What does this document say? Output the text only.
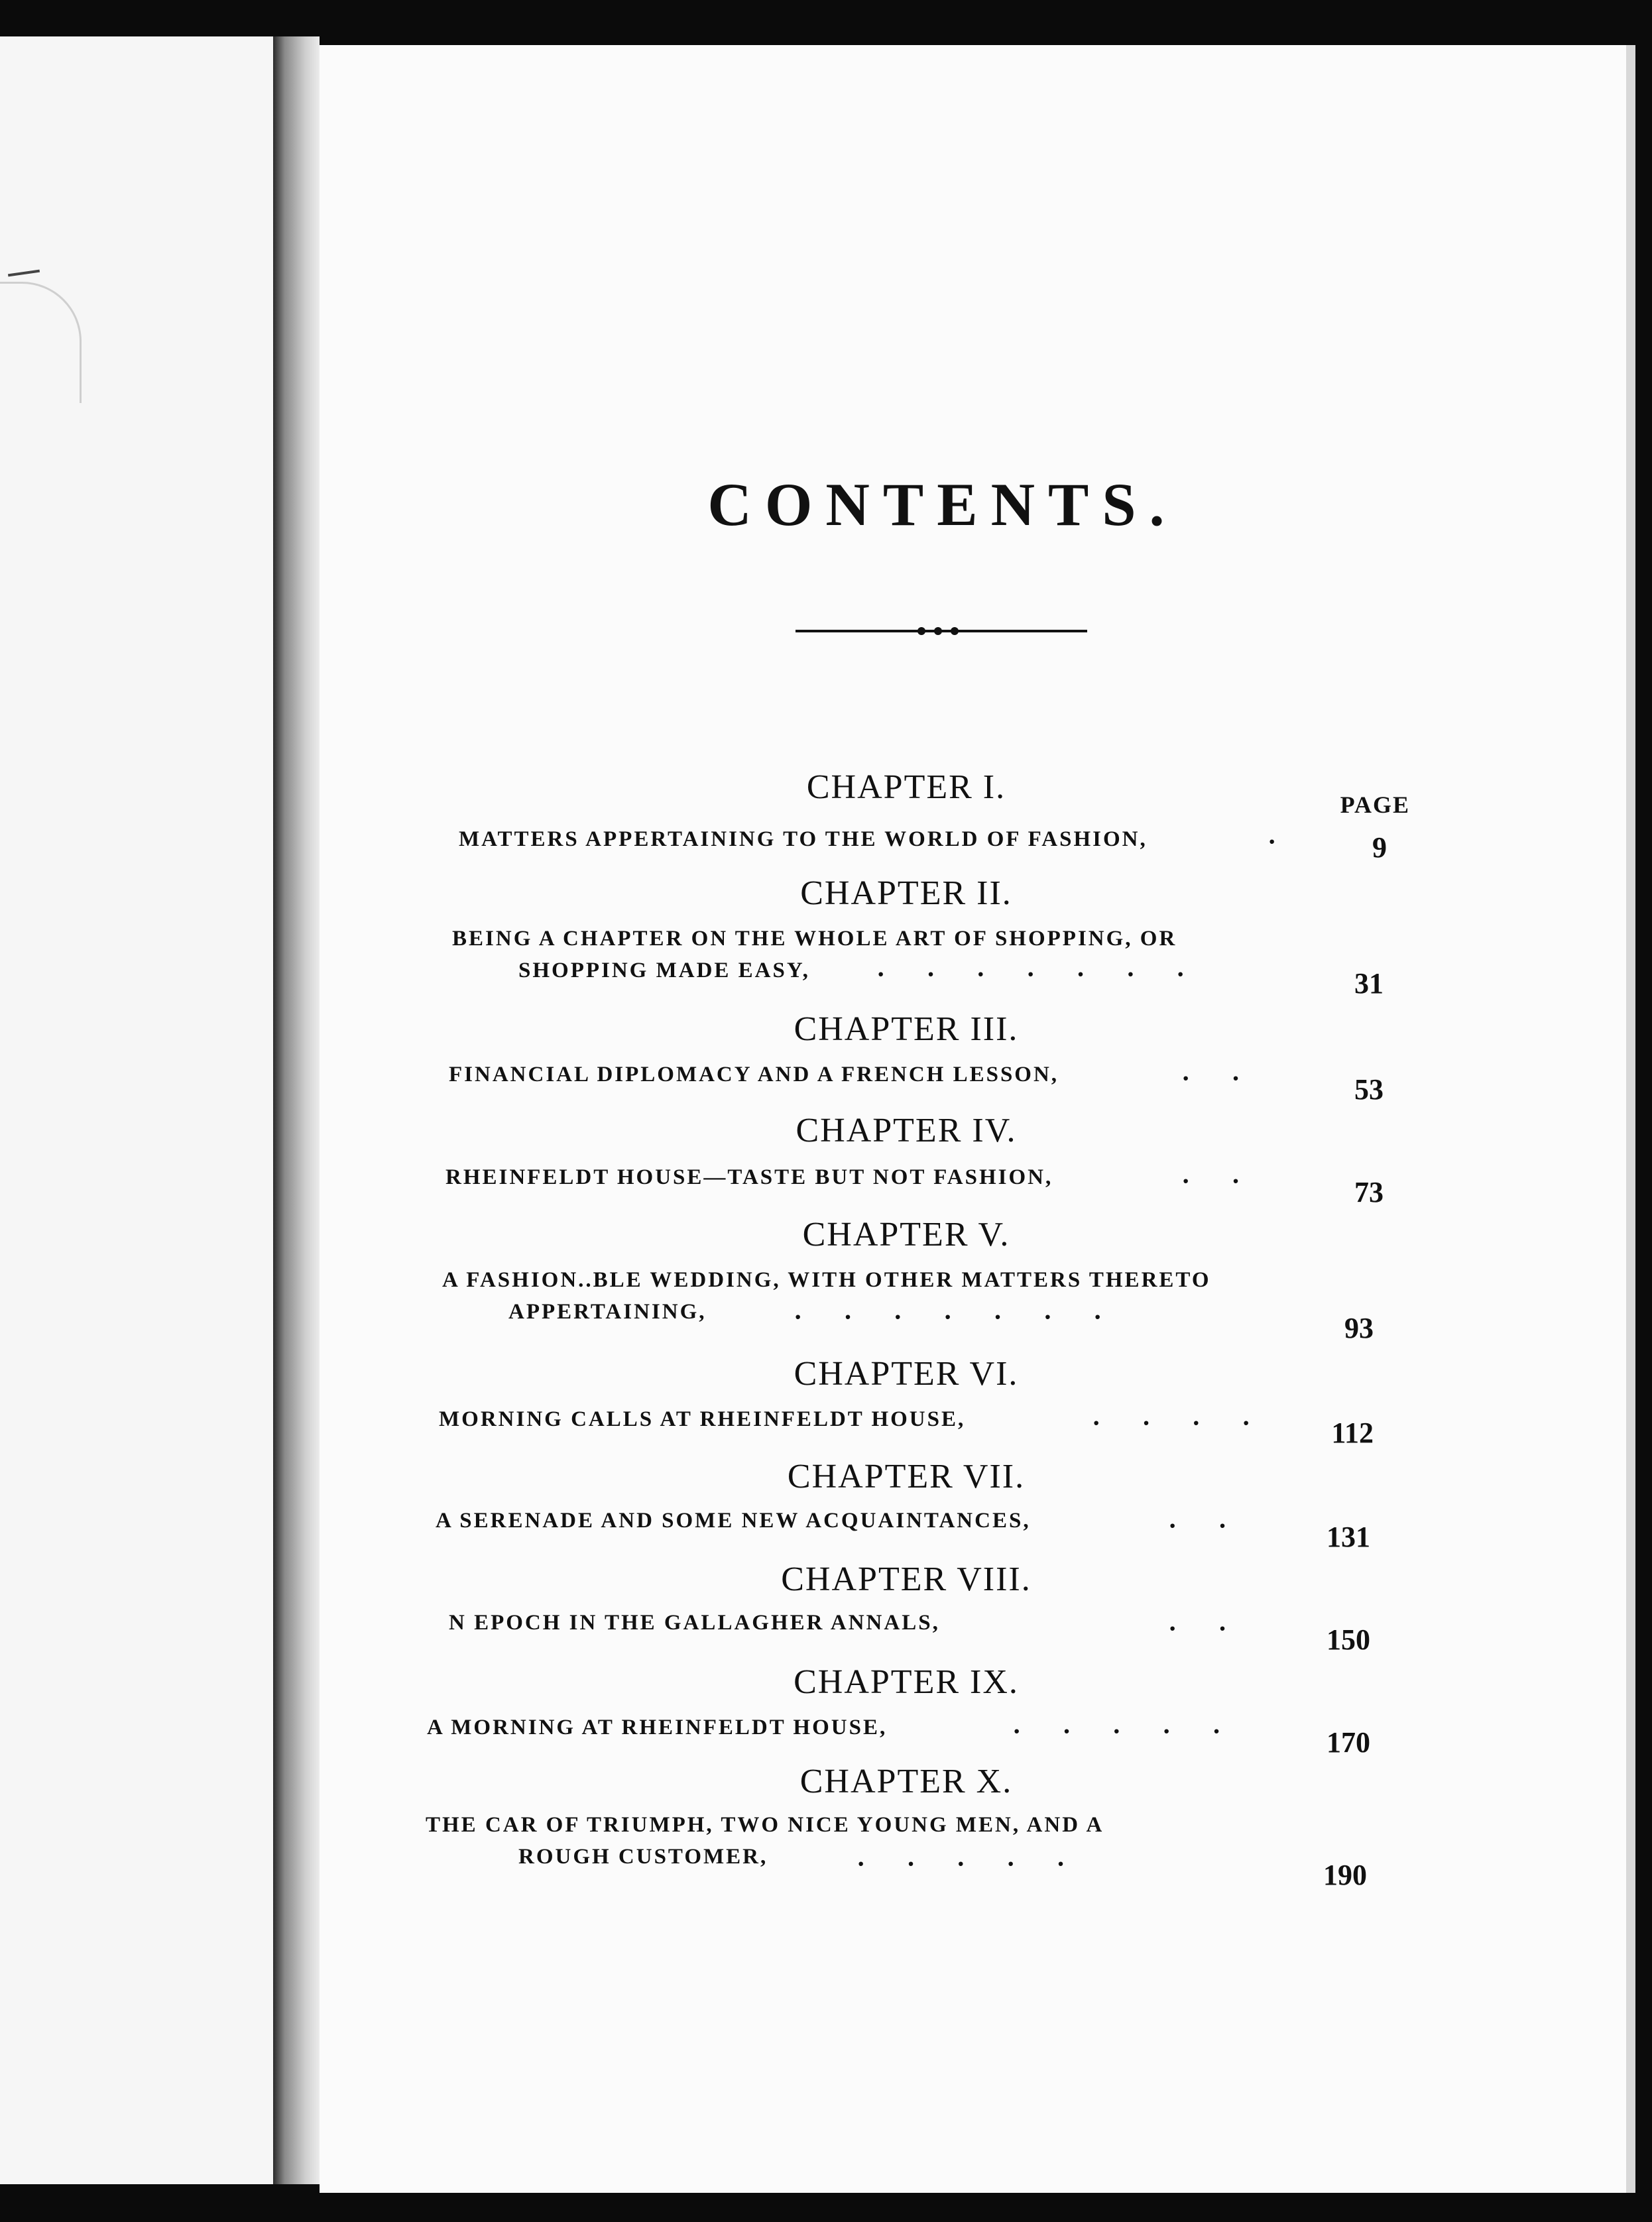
CONTENTS.
PAGE
CHAPTER I.
MATTERS APPERTAINING TO THE WORLD OF FASHION,	·	9
CHAPTER II.
BEING A CHAPTER ON THE WHOLE ART OF SHOPPING, OR
SHOPPING MADE EASY,	·······	31
CHAPTER III.
FINANCIAL DIPLOMACY AND A FRENCH LESSON,	··	53
CHAPTER IV.
RHEINFELDT HOUSE—TASTE BUT NOT FASHION,	··	73
CHAPTER V.
A FASHION..BLE WEDDING, WITH OTHER MATTERS THERETO
APPERTAINING,	·······	93
CHAPTER VI.
MORNING CALLS AT RHEINFELDT HOUSE,	····	112
CHAPTER VII.
A SERENADE AND SOME NEW ACQUAINTANCES,	··	131
CHAPTER VIII.
N EPOCH IN THE GALLAGHER ANNALS,	··	150
CHAPTER IX.
A MORNING AT RHEINFELDT HOUSE,	·····	170
CHAPTER X.
THE CAR OF TRIUMPH, TWO NICE YOUNG MEN, AND A
ROUGH CUSTOMER,	·····	190
